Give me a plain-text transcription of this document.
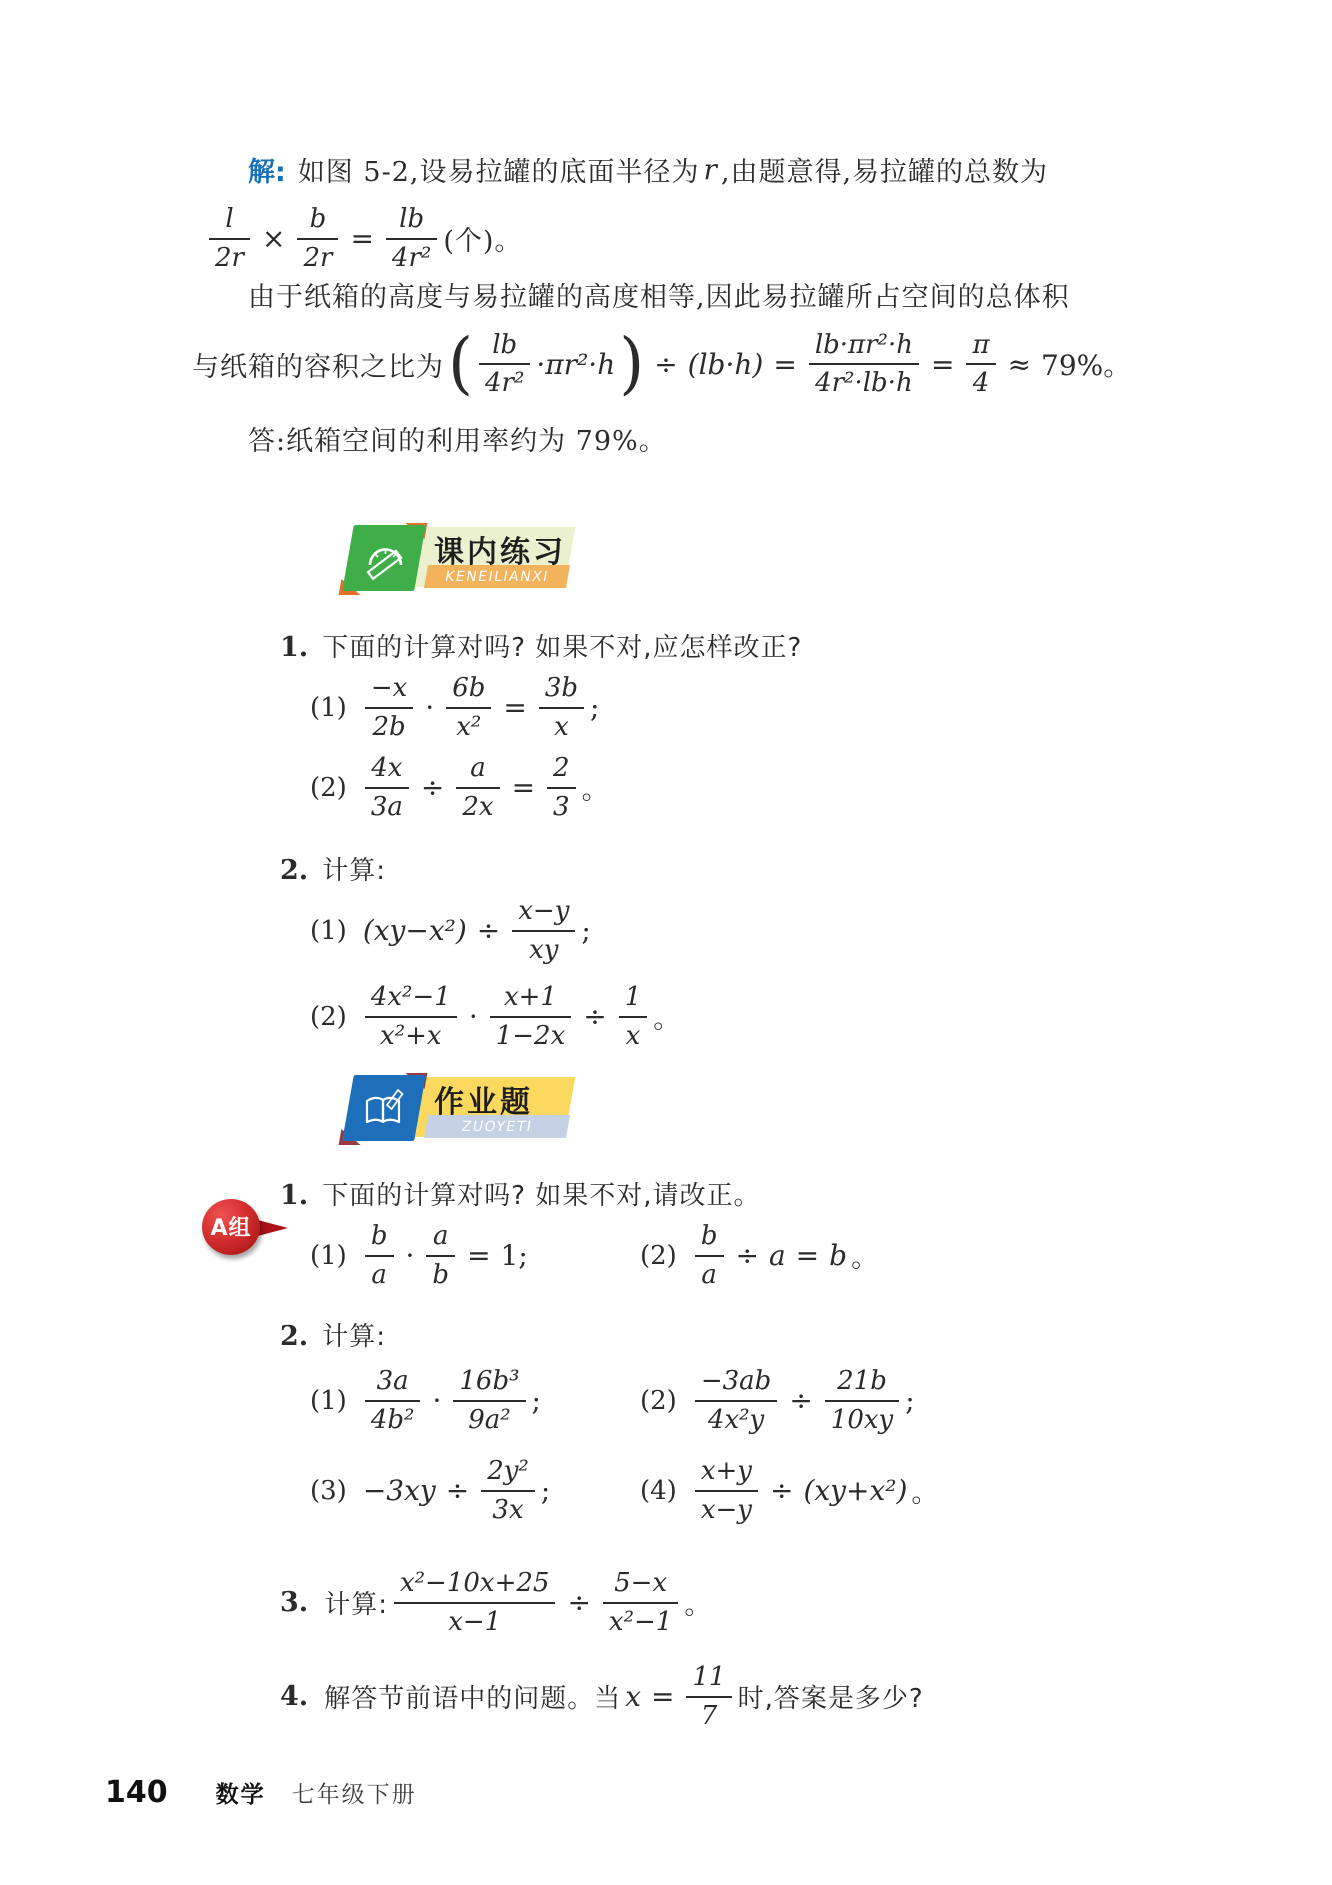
解: 如图 5-2,设易拉罐的底面半径为 r ,由题意得,易拉罐的总数为
$\frac{l}{2r} \times \frac{b}{2r} = \frac{lb}{\text{4r²}}$ (个)。
由于纸箱的高度与易拉罐的高度相等,因此易拉罐所占空间的总体积
与纸箱的容积之比为 ( $\frac{lb}{\text{4r²}} \cdot\pi r^2\cdot h$ ) ÷ $(lb\cdot h) = \frac{\text{lb·πr²·h}}{\text{4r²·lb·h}} = \frac{\pi}{4} \approx 79\%$。
答:纸箱空间的利用率约为 79%。
课内练习
KENEILIANXI
1. 下面的计算对吗? 如果不对,应怎样改正?
$(1) \frac{-x}{2b} \cdot \frac{6b}{\text{x²}} = \frac{3b}{x}$ ;
$(2) \frac{4x}{3a} \div \frac{a}{2x} = \frac{2}{3}$ 。
2. 计算:
(1) $(xy-x^2) \div \frac{x-y}{xy}$ ;
$(2) \frac{\text{4x²−1}}{\text{x²+x}} \cdot \frac{x+1}{1-2x} \div \frac{1}{x}$ 。
作业题
ZUOYETI
A组
1. 下面的计算对吗? 如果不对,请改正。
$(1) \frac{b}{a} \cdot \frac{a}{b} = 1$;	$(2) \frac{b}{a} \div a = b$ 。
2. 计算:
$(1) \frac{3a}{\text{4b²}} \cdot \frac{\text{16b³}}{\text{9a²}}$ ;	$(2) \frac{-3ab}{\text{4x²y}} \div \frac{21b}{10xy}$ ;
$(3) -3xy \div \frac{\text{2y²}}{3x}$ ;	$(4) \frac{x+y}{x-y} \div (xy+x^2)$ 。
3. 计算: $\frac{\text{x²−10x+25}}{x-1} \div \frac{5-x}{\text{x²−1}}$ 。
4. 解答节前语中的问题。当 $x = \frac{11}{7}$ 时,答案是多少?
140 数学 七年级下册
